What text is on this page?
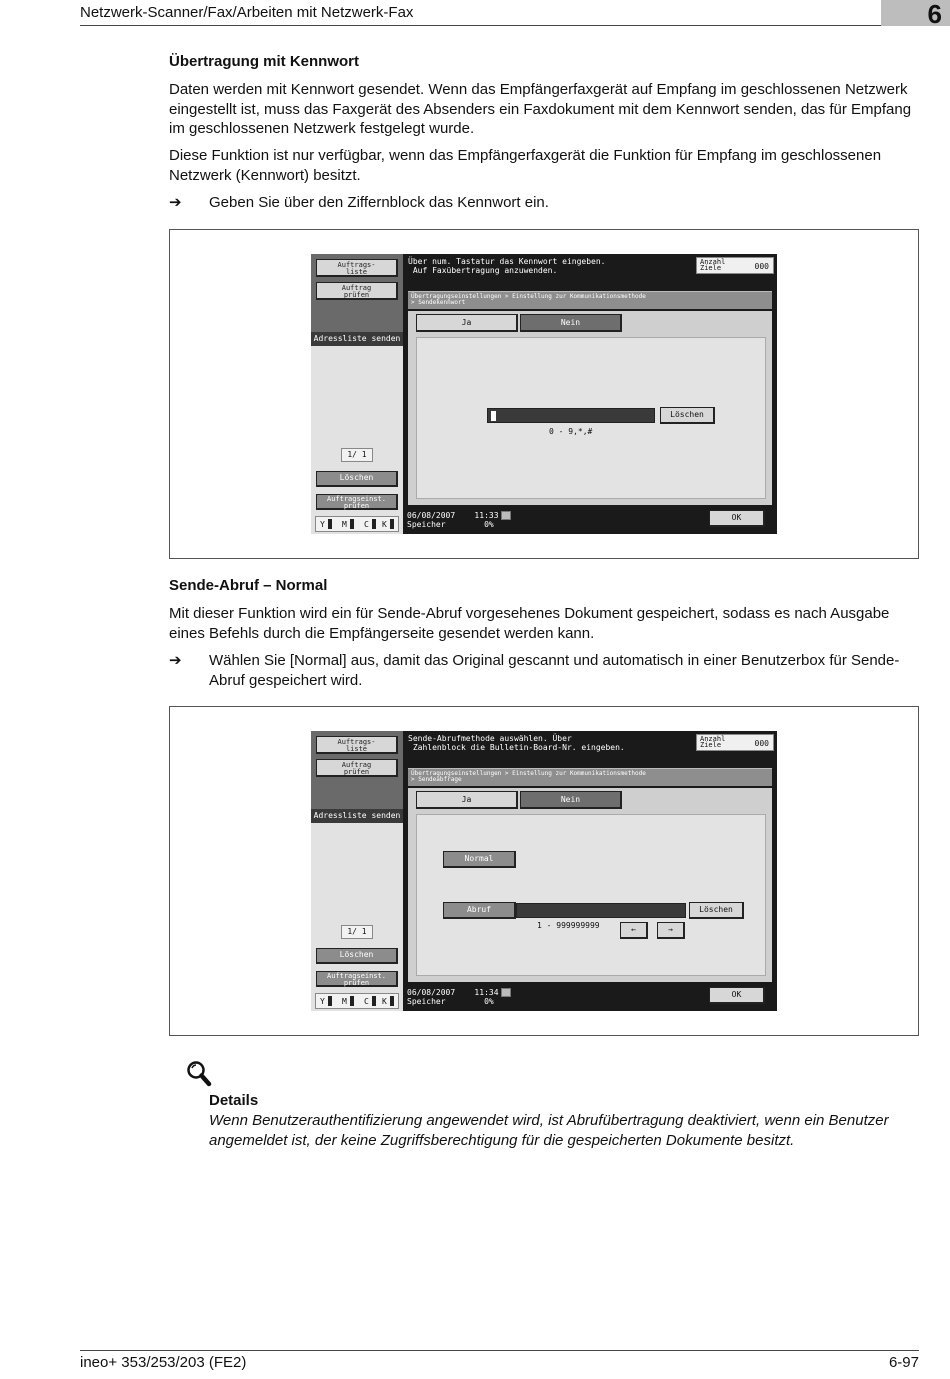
Netzwerk-Scanner/Fax/Arbeiten mit Netzwerk-Fax	6
Übertragung mit Kennwort
Daten werden mit Kennwort gesendet. Wenn das Empfängerfaxgerät auf Empfang im geschlossenen Netzwerk eingestellt ist, muss das Faxgerät des Absenders ein Faxdokument mit dem Kennwort senden, das für Empfang im geschlossenen Netzwerk festgelegt wurde.
Diese Funktion ist nur verfügbar, wenn das Empfängerfaxgerät die Funktion für Empfang im geschlossenen Netzwerk (Kennwort) besitzt.
➔ Geben Sie über den Ziffernblock das Kennwort ein.
Auftrags-
liste
Auftrag
prüfen
Adressliste senden
1/ 1
Löschen
Auftragseinst.
prüfen
Y M C K
Über num. Tastatur das Kennwort eingeben.
Auf Faxübertragung anzuwenden.
Anzahl
Ziele	000
Übertragungseinstellungen > Einstellung zur Kommunikationsmethode
> Sendekennwort
Ja	Nein
Löschen
0 - 9,*,#
06/08/2007    11:33
Speicher        0%
OK
Sende-Abruf – Normal
Mit dieser Funktion wird ein für Sende-Abruf vorgesehenes Dokument gespeichert, sodass es nach Ausgabe eines Befehls durch die Empfängerseite gesendet werden kann.
➔ Wählen Sie [Normal] aus, damit das Original gescannt und automatisch in einer Benutzerbox für Sende-Abruf gespeichert wird.
Auftrags-
liste
Auftrag
prüfen
Adressliste senden
1/ 1
Löschen
Auftragseinst.
prüfen
Y M C K
Sende-Abrufmethode auswählen. Über
Zahlenblock die Bulletin-Board-Nr. eingeben.
Anzahl
Ziele	000
Übertragungseinstellungen > Einstellung zur Kommunikationsmethode
> Sendeabfrage
Ja	Nein
Normal
Abruf	Löschen
1 - 999999999	←	→
06/08/2007    11:34
Speicher        0%
OK
Details
Wenn Benutzerauthentifizierung angewendet wird, ist Abrufübertragung deaktiviert, wenn ein Benutzer angemeldet ist, der keine Zugriffsberechtigung für die gespeicherten Dokumente besitzt.
ineo+ 353/253/203 (FE2)	6-97
